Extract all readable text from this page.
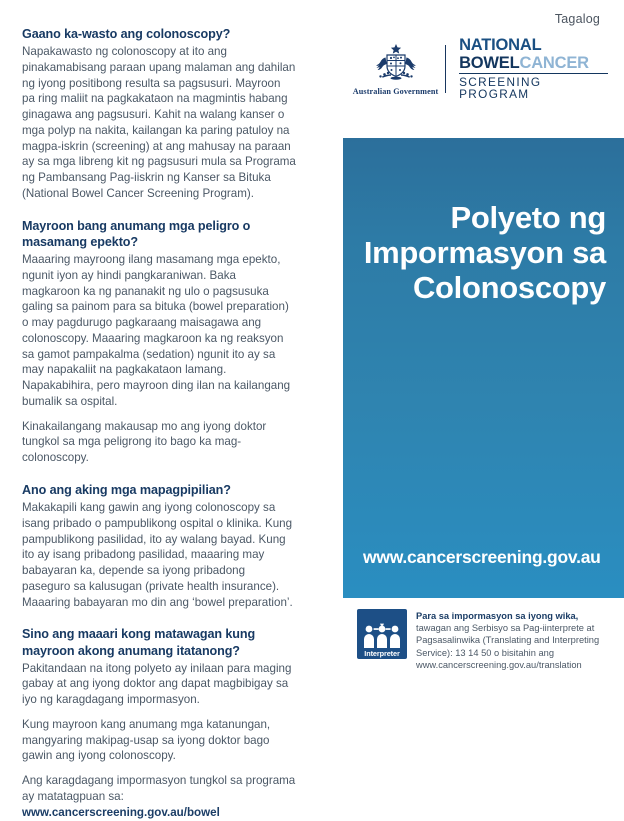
Tagalog
Australian Government
NATIONAL
BOWELCANCER
SCREENING PROGRAM
Polyeto ng Impormasyon sa Colonoscopy
www.cancerscreening.gov.au
Gaano ka-wasto ang colonoscopy?

Napakawasto ng colonoscopy at ito ang pinakamabisang paraan upang malaman ang dahilan ng iyong positibong resulta sa pagsusuri. Mayroon pa ring maliit na pagkakataon na magmintis habang ginagawa ang pagsusuri. Kahit na walang kanser o mga polyp na nakita, kailangan ka paring patuloy na magpa-iskrin (screening) at ang mahusay na paraan ay sa mga libreng kit ng pagsusuri mula sa Programa ng Pambansang Pag-iiskrin ng Kanser sa Bituka (National Bowel Cancer Screening Program).

Mayroon bang anumang mga peligro o masamang epekto?

Maaaring mayroong ilang masamang mga epekto, ngunit iyon ay hindi pangkaraniwan. Baka magkaroon ka ng pananakit ng ulo o pagsusuka galing sa painom para sa bituka (bowel preparation) o may pagdurugo pagkaraang maisagawa ang colonoscopy. Maaaring magkaroon ka ng reaksyon sa gamot pampakalma (sedation) ngunit ito ay sa may napakaliit na pagkakataon lamang. Napakabihira, pero mayroon ding ilan na kailangang bumalik sa ospital.

Kinakailangang makausap mo ang iyong doktor tungkol sa mga peligrong ito bago ka mag-colonoscopy.

Ano ang aking mga mapagpipilian?

Makakapili kang gawin ang iyong colonoscopy sa isang pribado o pampublikong ospital o klinika. Kung pampublikong pasilidad, ito ay walang bayad. Kung ito ay isang pribadong pasilidad, maaaring may babayaran ka, depende sa iyong pribadong paseguro sa kalusugan (private health insurance). Maaaring babayaran mo din ang ‘bowel preparation’.

Sino ang maaari kong matawagan kung mayroon akong anumang itatanong?

Pakitandaan na itong polyeto ay inilaan para maging gabay at ang iyong doktor ang dapat magbibigay sa iyo ng karagdagang impormasyon.

Kung mayroon kang anumang mga katanungan, mangyaring makipag-usap sa iyong doktor bago gawin ang iyong colonoscopy.

Ang karagdagang impormasyon tungkol sa programa ay matatagpuan sa:

www.cancerscreening.gov.au/bowel

Interpreter

Para sa impormasyon sa iyong wika,

tawagan ang Serbisyo sa Pag-iinterprete at Pagsasalinwika (Translating and Interpreting Service): 13 14 50 o bisitahin ang www.cancerscreening.gov.au/translation
